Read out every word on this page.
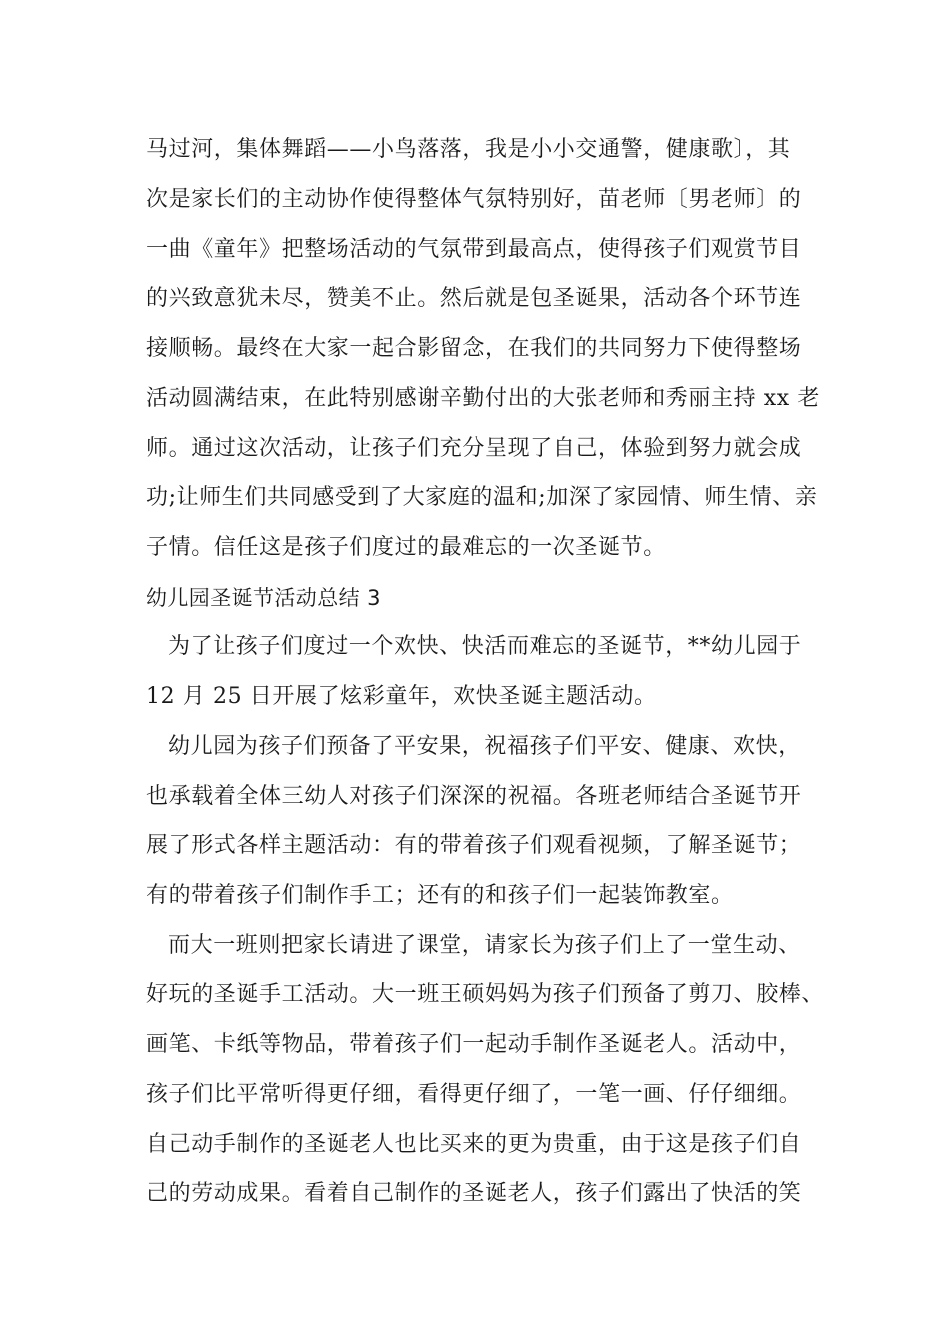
马过河，集体舞蹈——小鸟落落，我是小小交通警，健康歌〕，其
次是家长们的主动协作使得整体气氛特别好，苗老师〔男老师〕的
一曲《童年》把整场活动的气氛带到最高点，使得孩子们观赏节目
的兴致意犹未尽，赞美不止。然后就是包圣诞果，活动各个环节连
接顺畅。最终在大家一起合影留念，在我们的共同努力下使得整场
活动圆满结束，在此特别感谢辛勤付出的大张老师和秀丽主持 xx 老
师。通过这次活动，让孩子们充分呈现了自己，体验到努力就会成
功;让师生们共同感受到了大家庭的温和;加深了家园情、师生情、亲
子情。信任这是孩子们度过的最难忘的一次圣诞节。
幼儿园圣诞节活动总结 3
为了让孩子们度过一个欢快、快活而难忘的圣诞节，**幼儿园于
12 月 25 日开展了炫彩童年，欢快圣诞主题活动。
幼儿园为孩子们预备了平安果，祝福孩子们平安、健康、欢快，
也承载着全体三幼人对孩子们深深的祝福。各班老师结合圣诞节开
展了形式各样主题活动：有的带着孩子们观看视频，了解圣诞节；
有的带着孩子们制作手工；还有的和孩子们一起装饰教室。
而大一班则把家长请进了课堂，请家长为孩子们上了一堂生动、
好玩的圣诞手工活动。大一班王硕妈妈为孩子们预备了剪刀、胶棒、
画笔、卡纸等物品，带着孩子们一起动手制作圣诞老人。活动中，
孩子们比平常听得更仔细，看得更仔细了，一笔一画、仔仔细细。
自己动手制作的圣诞老人也比买来的更为贵重，由于这是孩子们自
己的劳动成果。看着自己制作的圣诞老人，孩子们露出了快活的笑
